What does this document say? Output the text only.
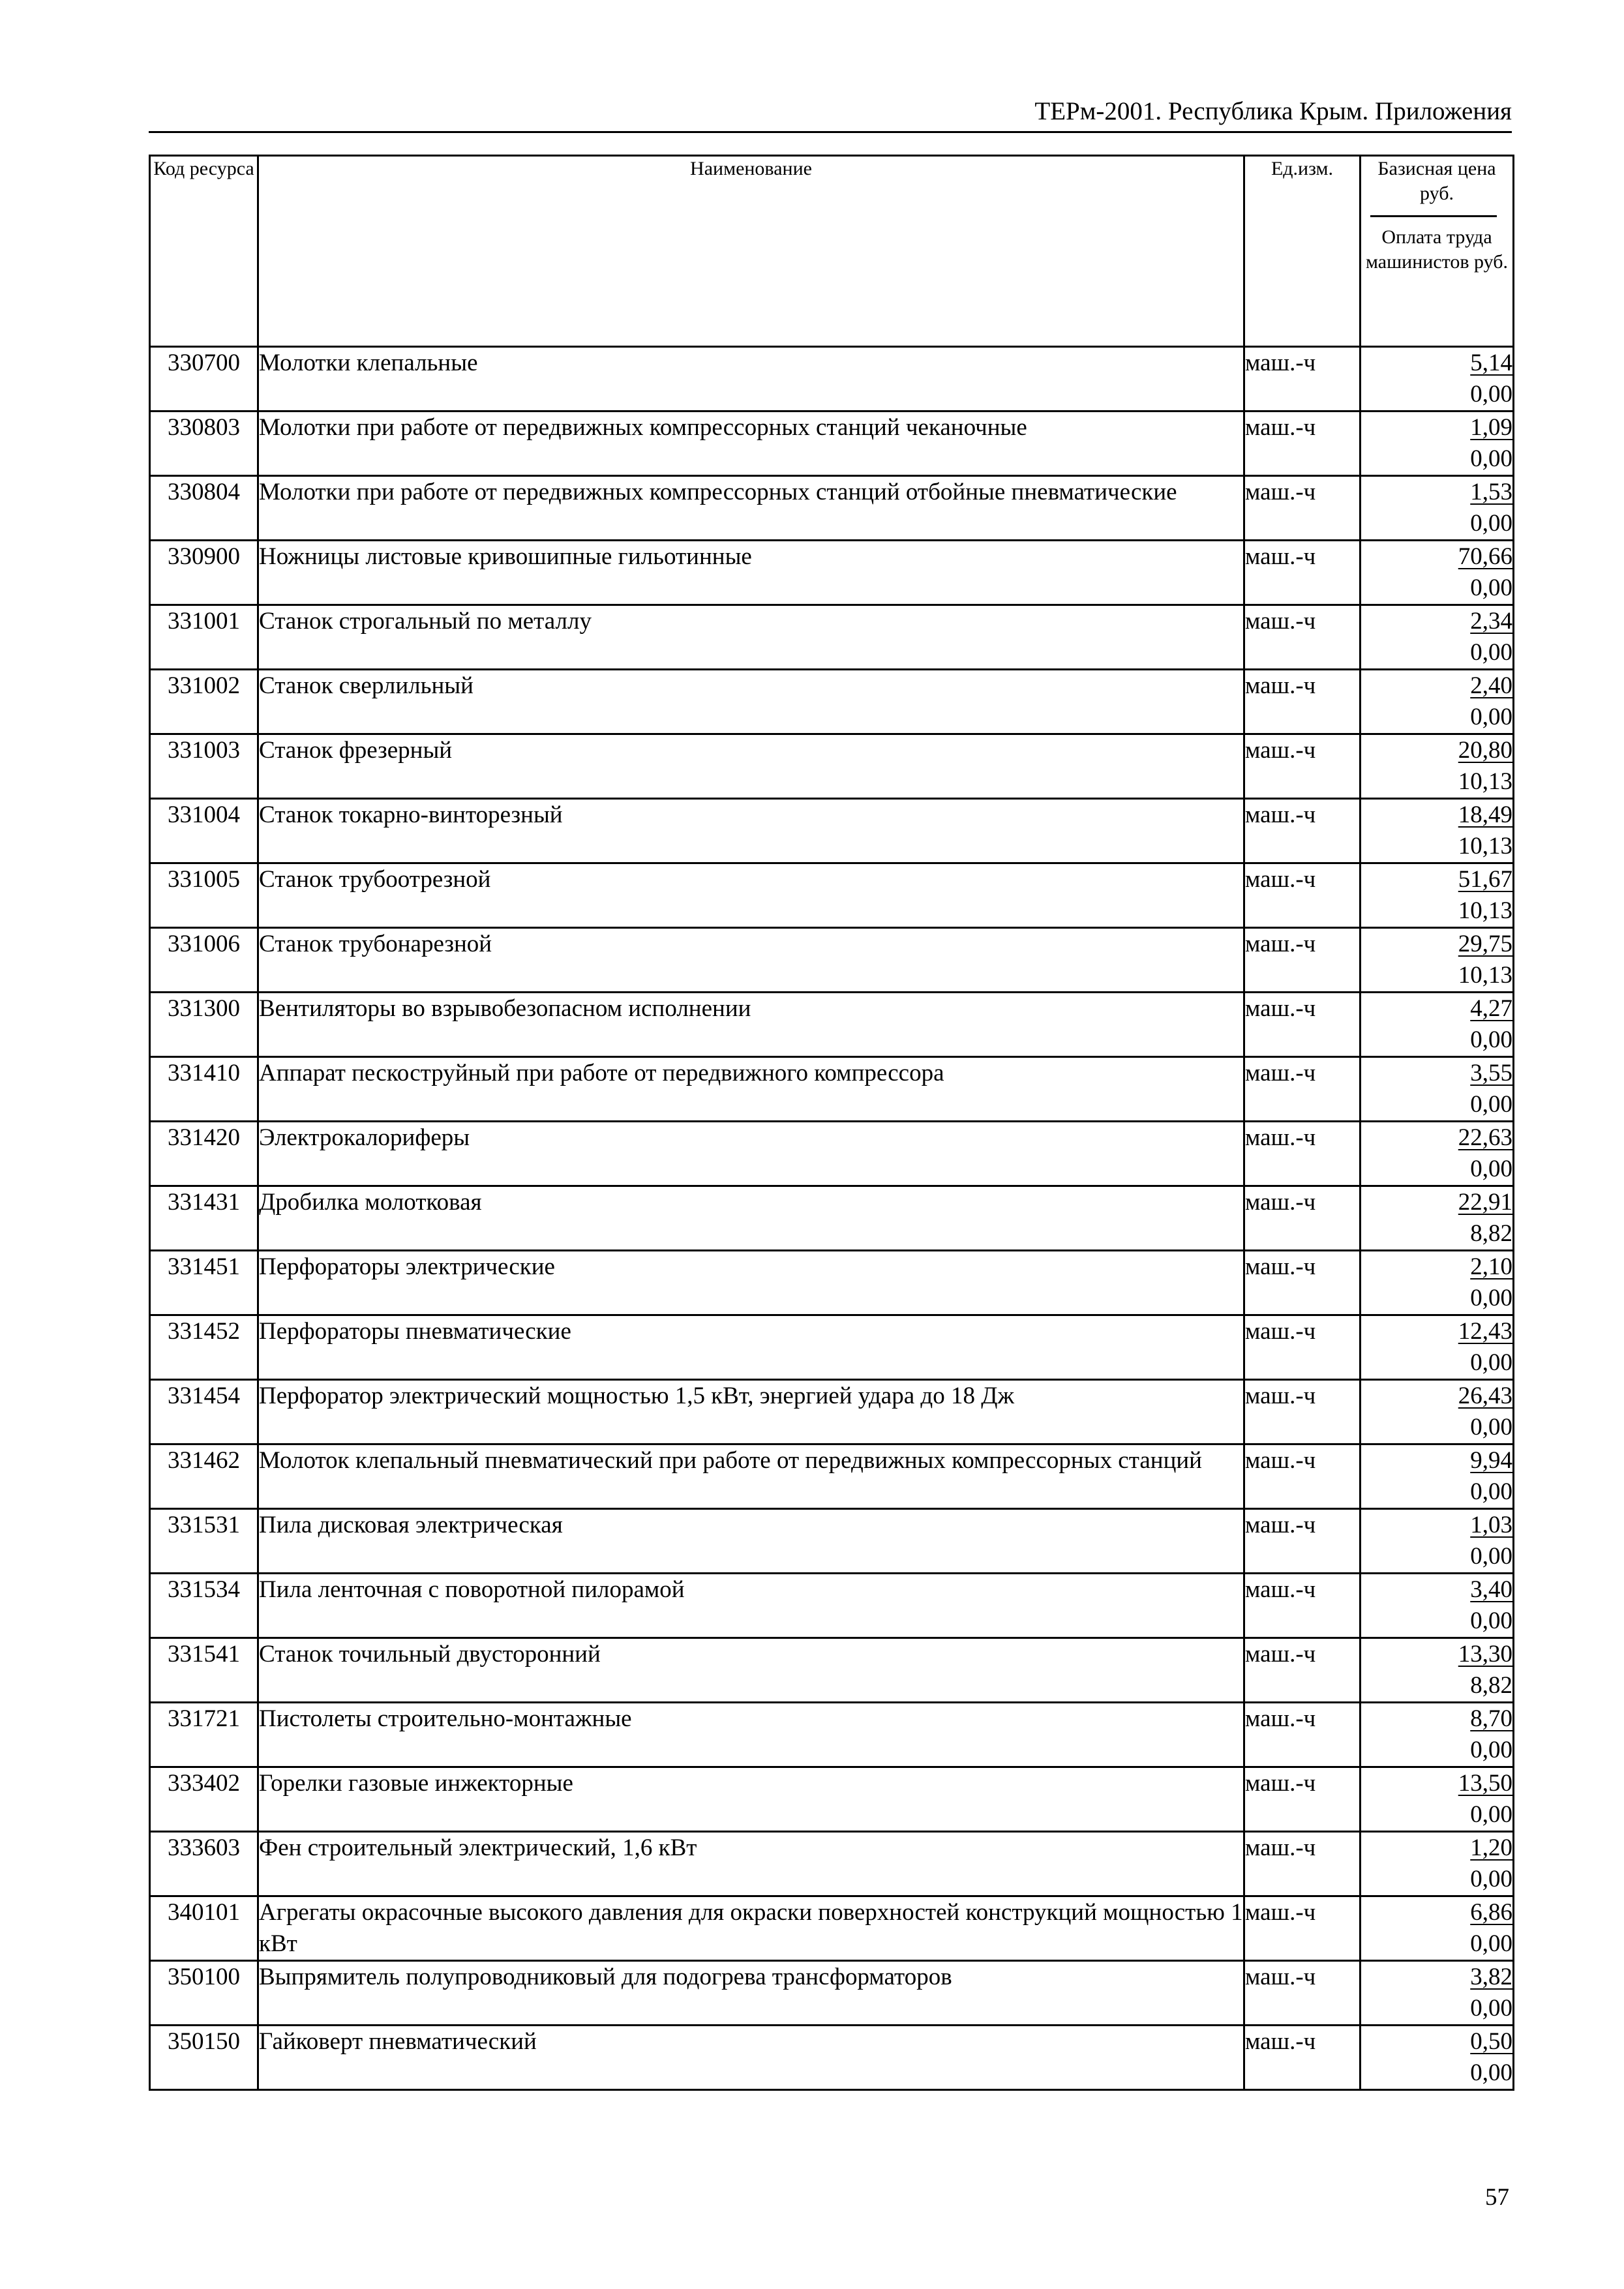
ТЕРм-2001. Республика Крым. Приложения
Код ресурса	Наименование	Ед.изм.	Базисная цена руб.
Оплата труда машинистов руб.

330700	Молотки клепальные	маш.-ч	5,14
0,00

330803	Молотки при работе от передвижных компрессорных станций чеканочные	маш.-ч	1,09
0,00

330804	Молотки при работе от передвижных компрессорных станций отбойные пневматические	маш.-ч	1,53
0,00

330900	Ножницы листовые кривошипные гильотинные	маш.-ч	70,66
0,00

331001	Станок строгальный по металлу	маш.-ч	2,34
0,00

331002	Станок сверлильный	маш.-ч	2,40
0,00

331003	Станок фрезерный	маш.-ч	20,80
10,13

331004	Станок токарно-винторезный	маш.-ч	18,49
10,13

331005	Станок трубоотрезной	маш.-ч	51,67
10,13

331006	Станок трубонарезной	маш.-ч	29,75
10,13

331300	Вентиляторы во взрывобезопасном исполнении	маш.-ч	4,27
0,00

331410	Аппарат пескоструйный при работе от передвижного компрессора	маш.-ч	3,55
0,00

331420	Электрокалориферы	маш.-ч	22,63
0,00

331431	Дробилка молотковая	маш.-ч	22,91
8,82

331451	Перфораторы электрические	маш.-ч	2,10
0,00

331452	Перфораторы пневматические	маш.-ч	12,43
0,00

331454	Перфоратор электрический мощностью 1,5 кВт, энергией удара до 18 Дж	маш.-ч	26,43
0,00

331462	Молоток клепальный пневматический при работе от передвижных компрессорных станций	маш.-ч	9,94
0,00

331531	Пила дисковая электрическая	маш.-ч	1,03
0,00

331534	Пила ленточная с поворотной пилорамой	маш.-ч	3,40
0,00

331541	Станок точильный двусторонний	маш.-ч	13,30
8,82

331721	Пистолеты строительно-монтажные	маш.-ч	8,70
0,00

333402	Горелки газовые инжекторные	маш.-ч	13,50
0,00

333603	Фен строительный электрический, 1,6 кВт	маш.-ч	1,20
0,00

340101	Агрегаты окрасочные высокого давления для окраски поверхностей конструкций мощностью 1 кВт	маш.-ч	6,86
0,00

350100	Выпрямитель полупроводниковый для подогрева трансформаторов	маш.-ч	3,82
0,00

350150	Гайковерт пневматический	маш.-ч	0,50
0,00
57
